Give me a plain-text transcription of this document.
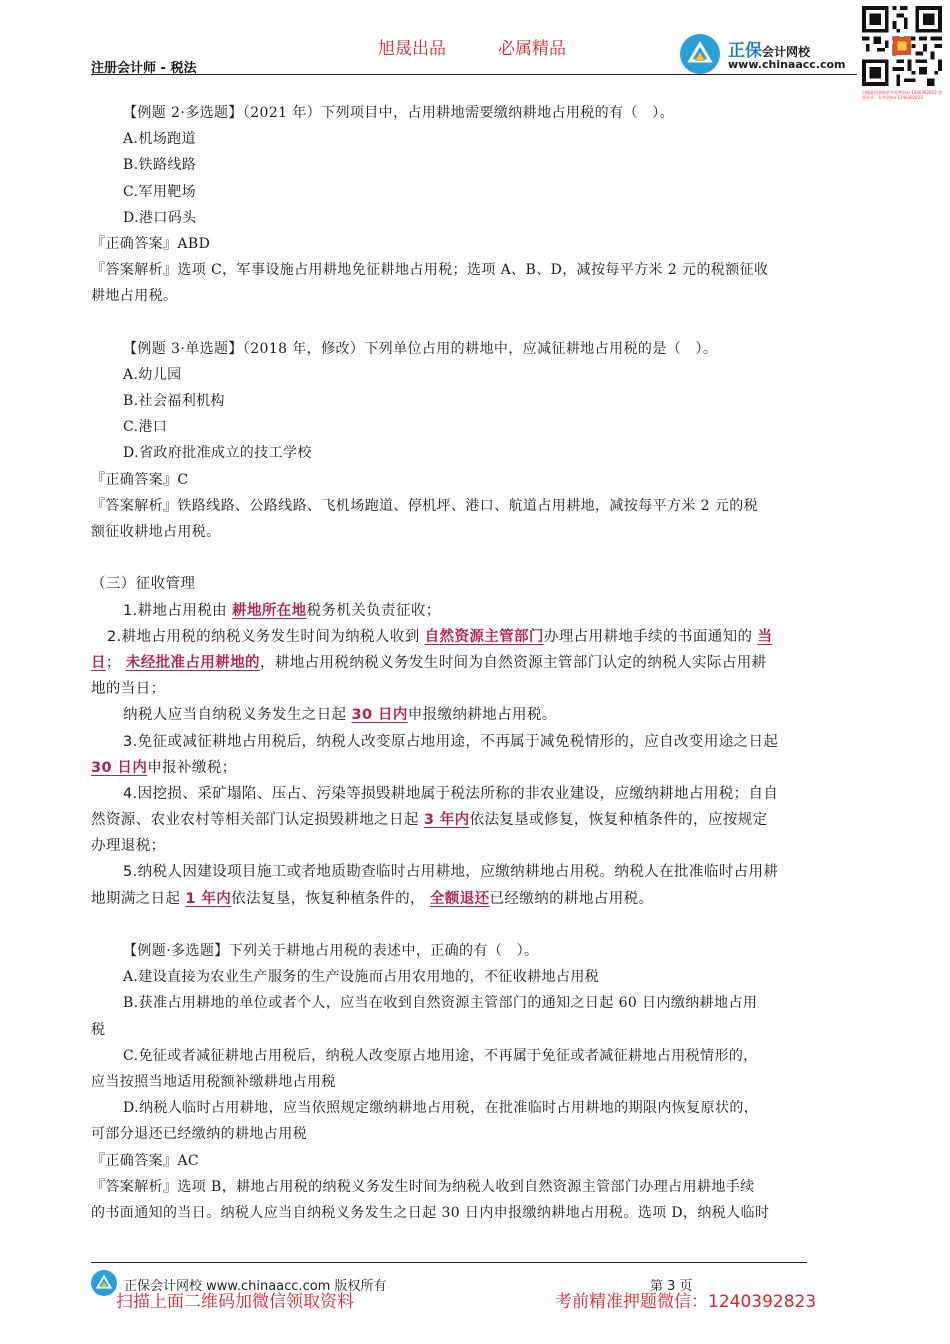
旭晟出品	必属精品
注册会计师 - 税法
正保会计网校
www.chinaacc.com
扫描此码获取更多免费资料 1240392823 想要更多，专享资料+1240392823
【例题 2·多选题】（2021 年）下列项目中，占用耕地需要缴纳耕地占用税的有（　）。
A.机场跑道
B.铁路线路
C.军用靶场
D.港口码头
『正确答案』ABD
『答案解析』选项 C，军事设施占用耕地免征耕地占用税；选项 A、B、D，减按每平方米 2 元的税额征收
耕地占用税。
【例题 3·单选题】（2018 年，修改）下列单位占用的耕地中，应减征耕地占用税的是（　）。
A.幼儿园
B.社会福利机构
C.港口
D.省政府批准成立的技工学校
『正确答案』C
『答案解析』铁路线路、公路线路、飞机场跑道、停机坪、港口、航道占用耕地，减按每平方米 2 元的税
额征收耕地占用税。
（三）征收管理
1.耕地占用税由 耕地所在地税务机关负责征收；
2.耕地占用税的纳税义务发生时间为纳税人收到 自然资源主管部门办理占用耕地手续的书面通知的 当
日； 未经批准占用耕地的，耕地占用税纳税义务发生时间为自然资源主管部门认定的纳税人实际占用耕
地的当日；
纳税人应当自纳税义务发生之日起 30 日内申报缴纳耕地占用税。
3.免征或减征耕地占用税后，纳税人改变原占地用途，不再属于减免税情形的，应自改变用途之日起
30 日内申报补缴税；
4.因挖损、采矿塌陷、压占、污染等损毁耕地属于税法所称的非农业建设，应缴纳耕地占用税；自自
然资源、农业农村等相关部门认定损毁耕地之日起 3 年内依法复垦或修复，恢复种植条件的，应按规定
办理退税；
5.纳税人因建设项目施工或者地质勘查临时占用耕地，应缴纳耕地占用税。纳税人在批准临时占用耕
地期满之日起 1 年内依法复垦，恢复种植条件的， 全额退还已经缴纳的耕地占用税。
【例题·多选题】下列关于耕地占用税的表述中，正确的有（　）。
A.建设直接为农业生产服务的生产设施而占用农用地的，不征收耕地占用税
B.获准占用耕地的单位或者个人，应当在收到自然资源主管部门的通知之日起 60 日内缴纳耕地占用
税
C.免征或者减征耕地占用税后，纳税人改变原占地用途，不再属于免征或者减征耕地占用税情形的，
应当按照当地适用税额补缴耕地占用税
D.纳税人临时占用耕地，应当依照规定缴纳耕地占用税，在批准临时占用耕地的期限内恢复原状的，
可部分退还已经缴纳的耕地占用税
『正确答案』AC
『答案解析』选项 B，耕地占用税的纳税义务发生时间为纳税人收到自然资源主管部门办理占用耕地手续
的书面通知的当日。纳税人应当自纳税义务发生之日起 30 日内申报缴纳耕地占用税。选项 D，纳税人临时
正保会计网校 www.chinaacc.com 版权所有	第 3 页
扫描上面二维码加微信领取资料	考前精准押题微信：1240392823
